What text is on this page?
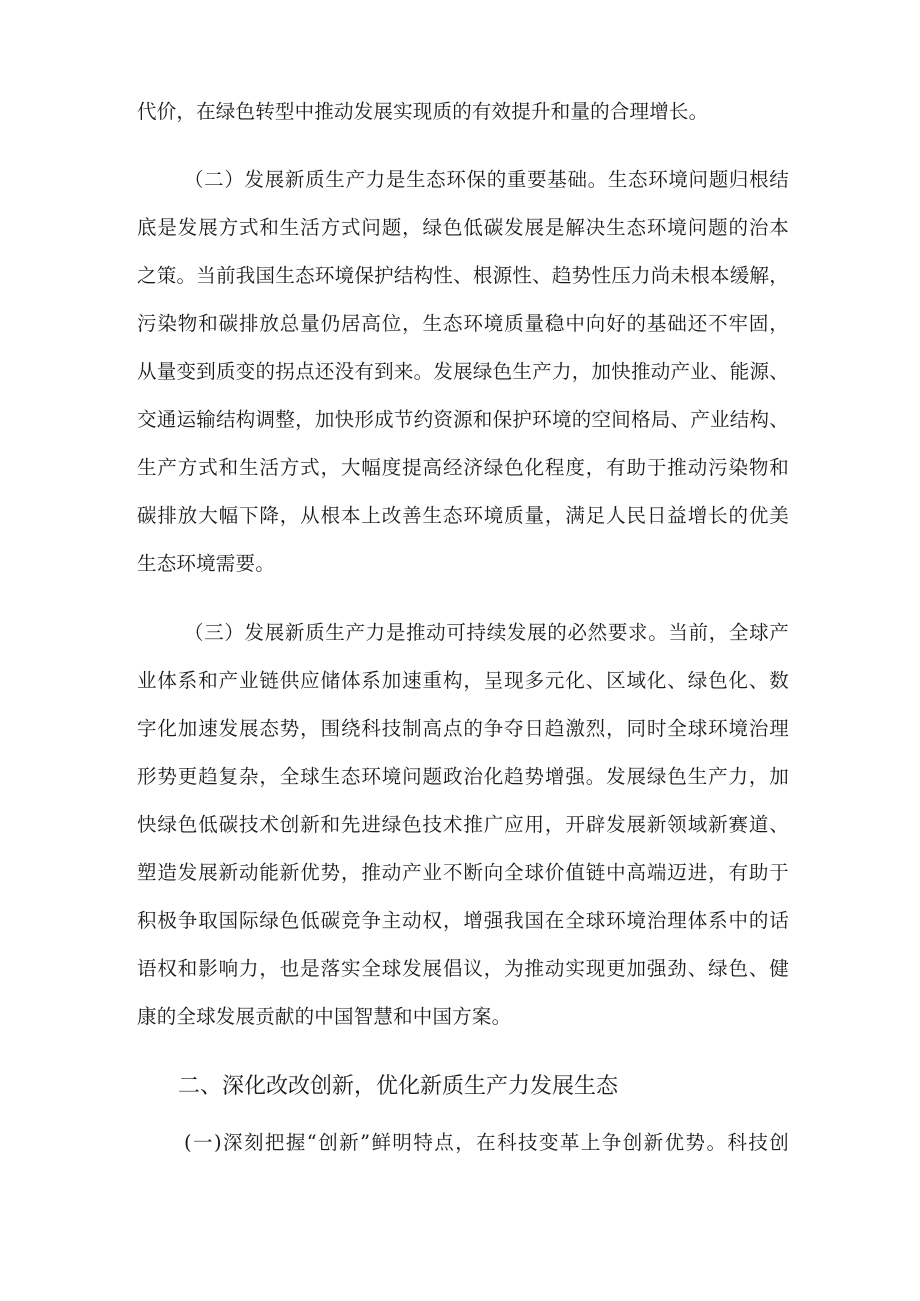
代价，在绿色转型中推动发展实现质的有效提升和量的合理增长。
（二）发展新质生产力是生态环保的重要基础。生态环境问题归根结
底是发展方式和生活方式问题，绿色低碳发展是解决生态环境问题的治本
之策。当前我国生态环境保护结构性、根源性、趋势性压力尚未根本缓解，
污染物和碳排放总量仍居高位，生态环境质量稳中向好的基础还不牢固，
从量变到质变的拐点还没有到来。发展绿色生产力，加快推动产业、能源、
交通运输结构调整，加快形成节约资源和保护环境的空间格局、产业结构、
生产方式和生活方式，大幅度提高经济绿色化程度，有助于推动污染物和
碳排放大幅下降，从根本上改善生态环境质量，满足人民日益增长的优美
生态环境需要。
（三）发展新质生产力是推动可持续发展的必然要求。当前，全球产
业体系和产业链供应储体系加速重构，呈现多元化、区域化、绿色化、数
字化加速发展态势，围绕科技制高点的争夺日趋激烈，同时全球环境治理
形势更趋复杂，全球生态环境问题政治化趋势增强。发展绿色生产力，加
快绿色低碳技术创新和先进绿色技术推广应用，开辟发展新领域新赛道、
塑造发展新动能新优势，推动产业不断向全球价值链中高端迈进，有助于
积极争取国际绿色低碳竞争主动权，增强我国在全球环境治理体系中的话
语权和影响力，也是落实全球发展倡议，为推动实现更加强劲、绿色、健
康的全球发展贡献的中国智慧和中国方案。
二、深化改改创新，优化新质生产力发展生态
(一)深刻把握“创新”鲜明特点，在科技变革上争创新优势。科技创
